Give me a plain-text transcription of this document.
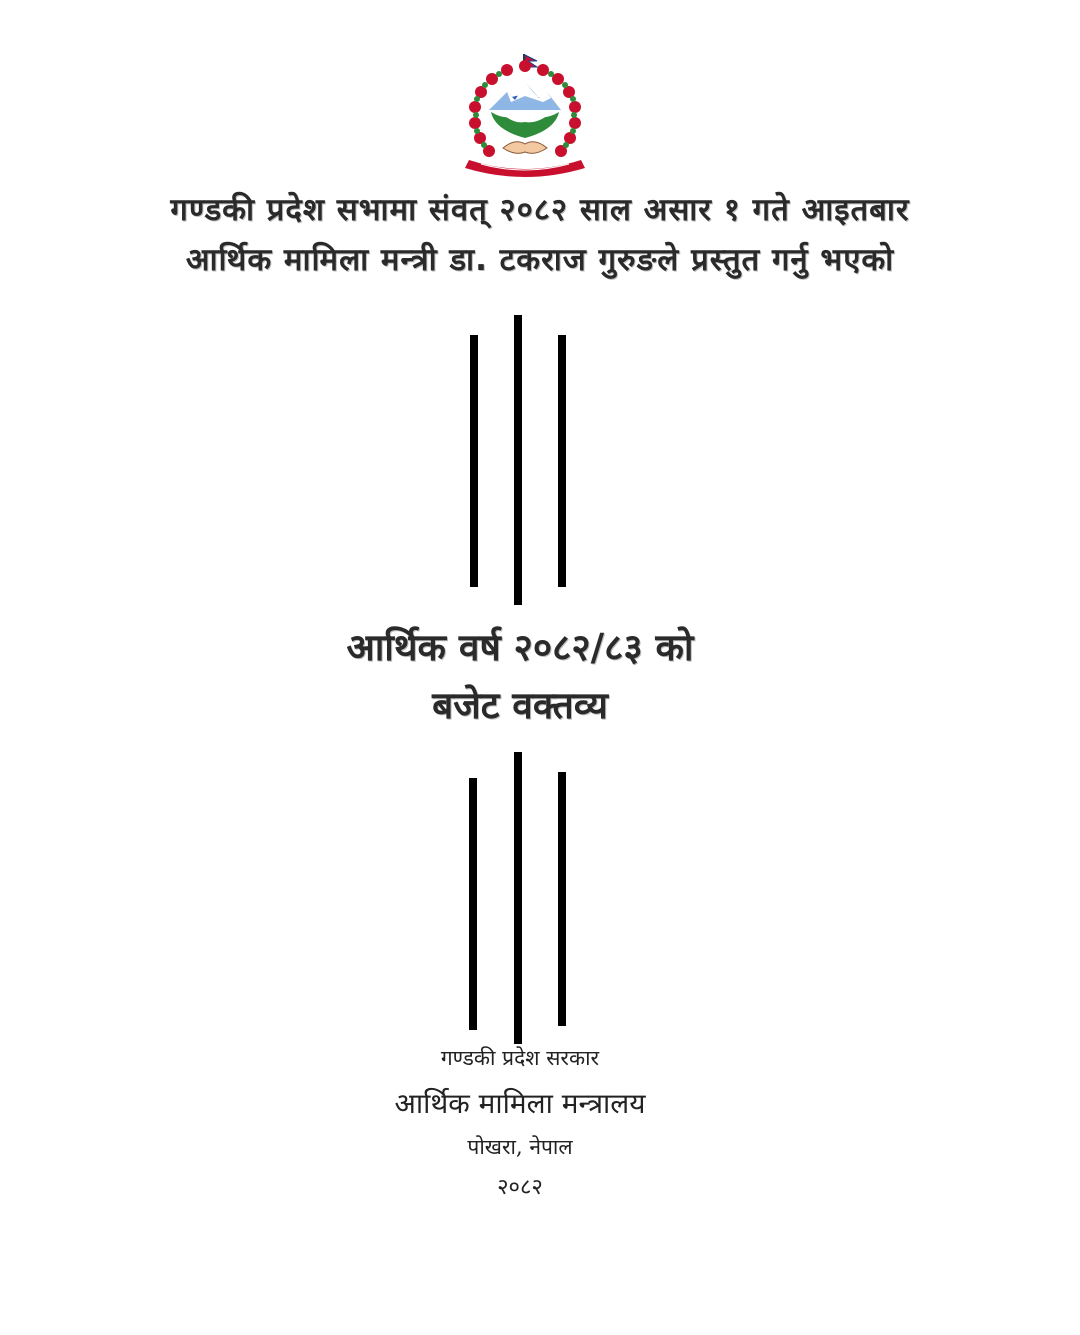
गण्डकी प्रदेश सभामा संवत् २०८२ साल असार १ गते आइतबार
आर्थिक मामिला मन्त्री डा. टकराज गुरुङले प्रस्तुत गर्नु भएको
आर्थिक वर्ष २०८२/८३ को
बजेट वक्तव्य
गण्डकी प्रदेश सरकार
आर्थिक मामिला मन्त्रालय
पोखरा, नेपाल
२०८२
